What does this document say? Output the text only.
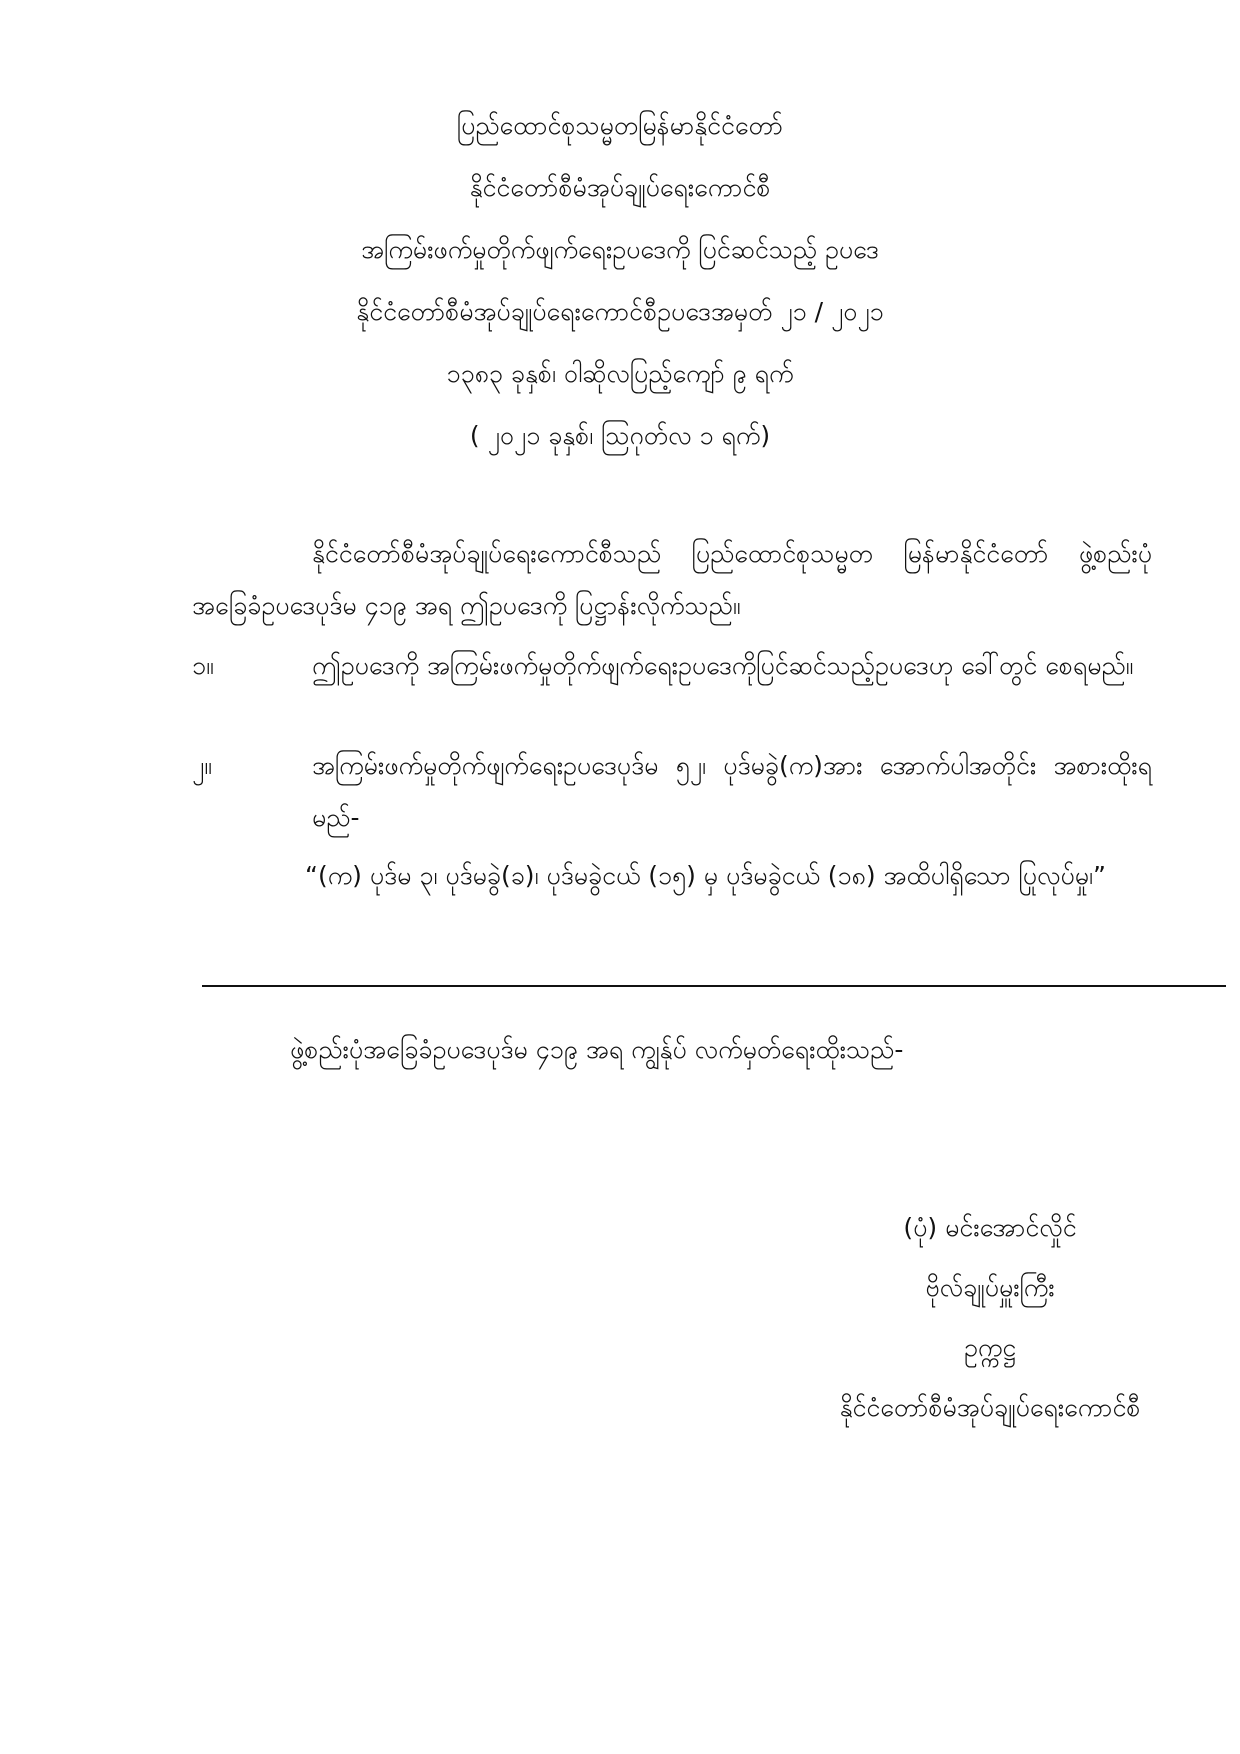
ပြည်ထောင်စုသမ္မတမြန်မာနိုင်ငံတော်
နိုင်ငံတော်စီမံအုပ်ချုပ်ရေးကောင်စီ
အကြမ်းဖက်မှုတိုက်ဖျက်ရေးဥပဒေကို ပြင်ဆင်သည့် ဥပဒေ
နိုင်ငံတော်စီမံအုပ်ချုပ်ရေးကောင်စီဥပဒေအမှတ် ၂၁ / ၂၀၂၁
၁၃၈၃ ခုနှစ်၊ ဝါဆိုလပြည့်ကျော် ၉ ရက်
( ၂၀၂၁ ခုနှစ်၊ ဩဂုတ်လ ၁ ရက်)
နိုင်ငံတော်စီမံအုပ်ချုပ်ရေးကောင်စီသည် ပြည်ထောင်စုသမ္မတ မြန်မာနိုင်ငံတော် ဖွဲ့စည်းပုံအခြေခံဥပဒေပုဒ်မ ၄၁၉ အရ ဤဥပဒေကို ပြဋ္ဌာန်းလိုက်သည်။
၁။	ဤဥပဒေကို အကြမ်းဖက်မှုတိုက်ဖျက်ရေးဥပဒေကိုပြင်ဆင်သည့်ဥပဒေဟု ခေါ်တွင် စေရမည်။
၂။	အကြမ်းဖက်မှုတိုက်ဖျက်ရေးဥပဒေပုဒ်မ ၅၂၊ ပုဒ်မခွဲ(က)အား အောက်ပါအတိုင်း အစားထိုးရမည်-
“(က) ပုဒ်မ ၃၊ ပုဒ်မခွဲ(ခ)၊ ပုဒ်မခွဲငယ် (၁၅) မှ ပုဒ်မခွဲငယ် (၁၈) အထိပါရှိသော ပြုလုပ်မှု၊”
ဖွဲ့စည်းပုံအခြေခံဥပဒေပုဒ်မ ၄၁၉ အရ ကျွန်ုပ် လက်မှတ်ရေးထိုးသည်-
(ပုံ) မင်းအောင်လှိုင်
ဗိုလ်ချုပ်မှူးကြီး
ဥက္ကဋ္ဌ
နိုင်ငံတော်စီမံအုပ်ချုပ်ရေးကောင်စီ
